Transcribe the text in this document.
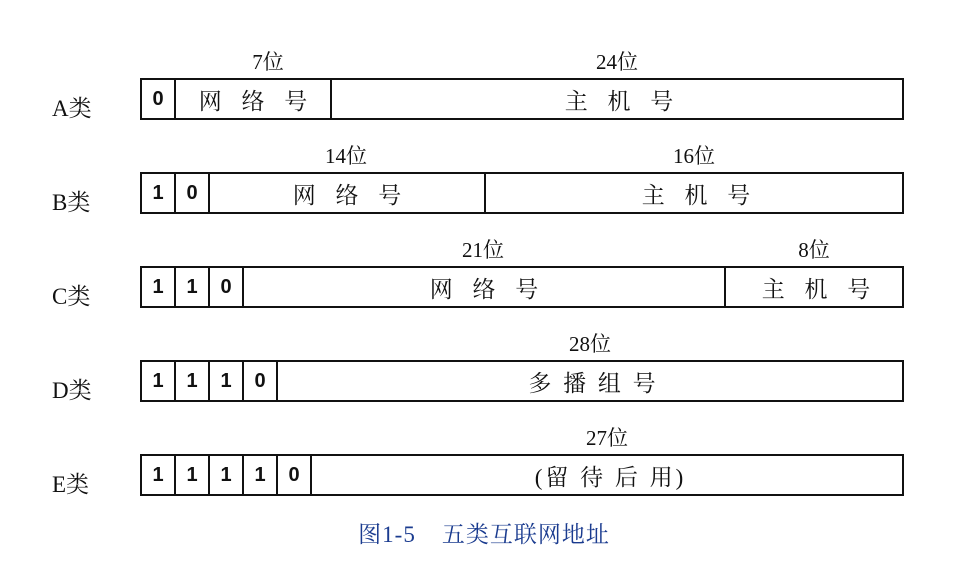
7位	24位
A类	0	网 络 号	主 机 号
14位	16位
B类	1	0	网 络 号	主 机 号
21位	8位
C类	1	1	0	网 络 号	主 机 号
28位
D类	1	1	1	0	多 播 组 号
27位
E类	1	1	1	1	0	(留 待 后 用)
图1-5 五类互联网地址
